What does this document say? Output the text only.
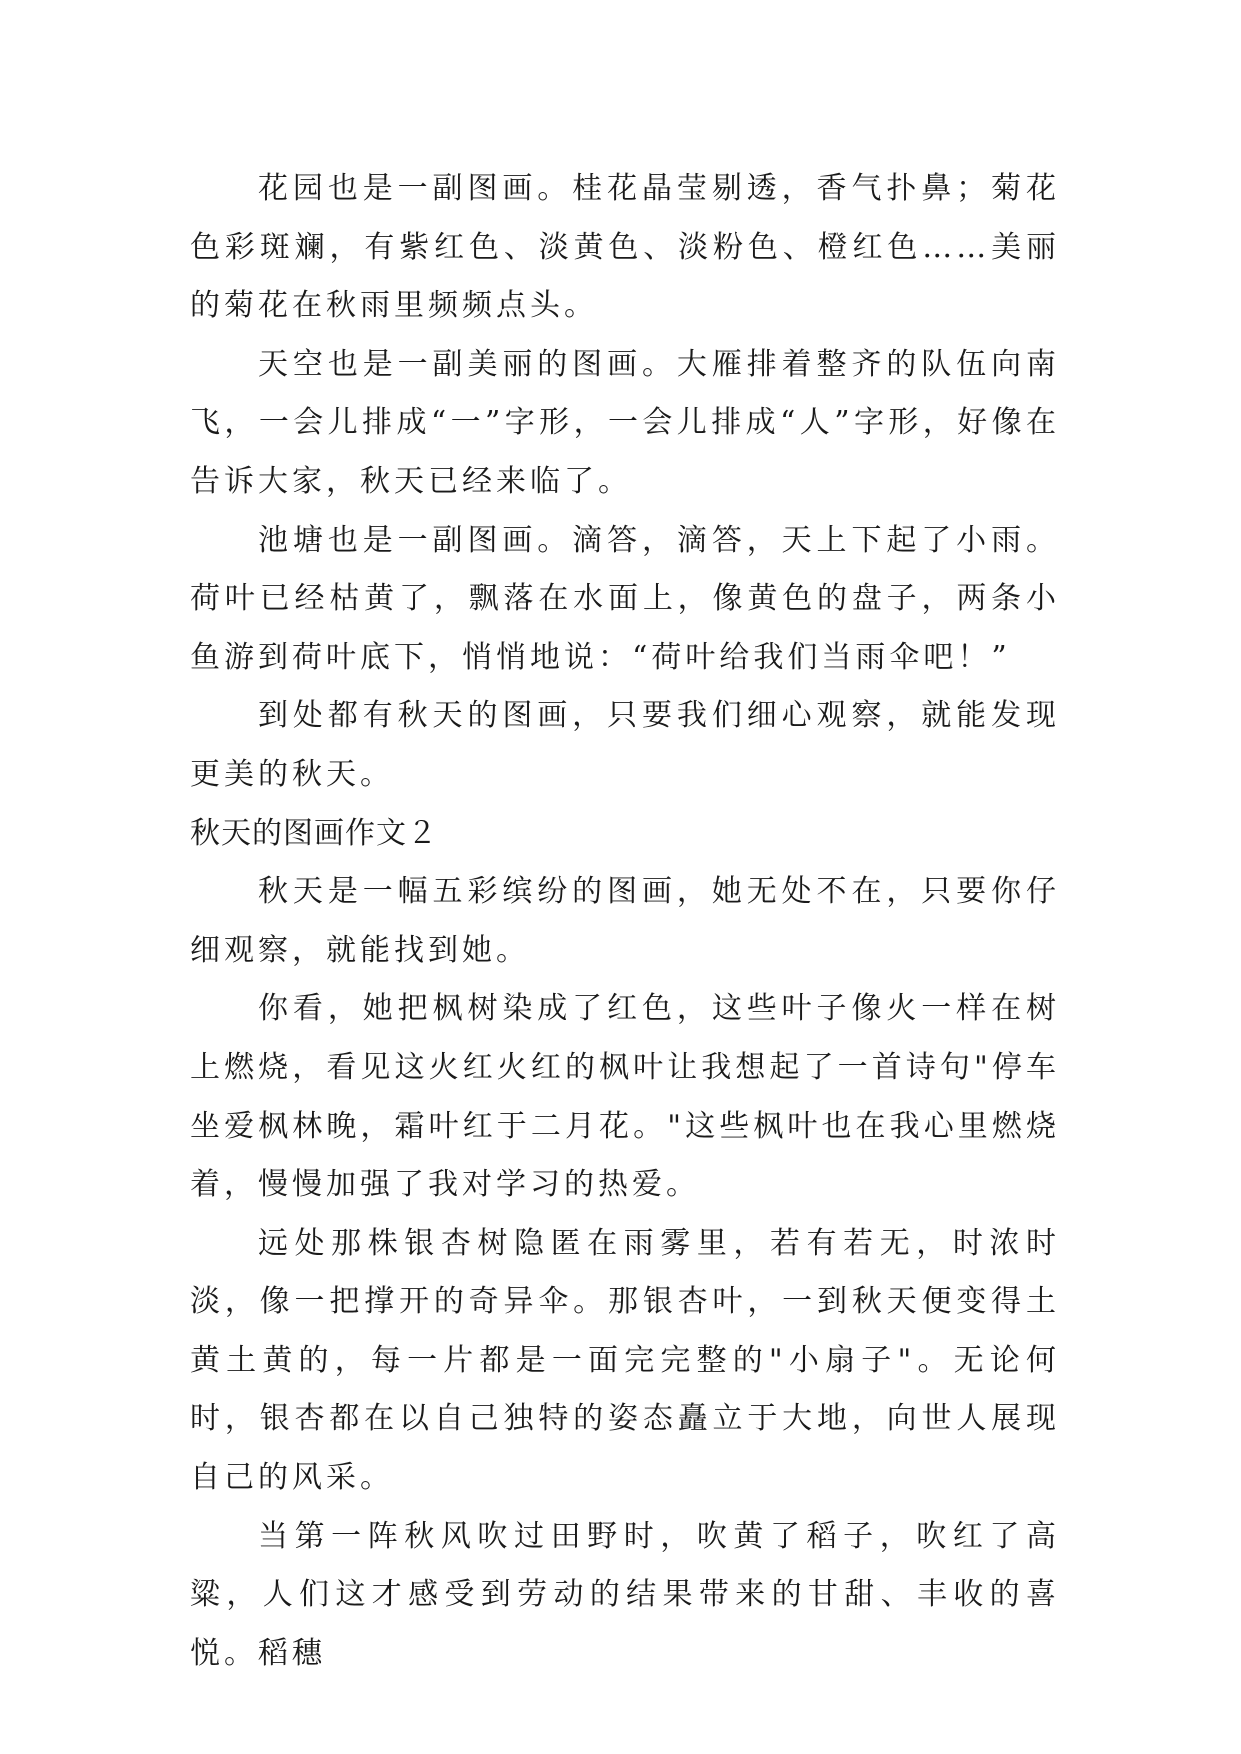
花园也是一副图画。桂花晶莹剔透，香气扑鼻；菊花色彩斑斓，有紫红色、淡黄色、淡粉色、橙红色……美丽的菊花在秋雨里频频点头。

天空也是一副美丽的图画。大雁排着整齐的队伍向南飞，一会儿排成“一”字形，一会儿排成“人”字形，好像在告诉大家，秋天已经来临了。

池塘也是一副图画。滴答，滴答，天上下起了小雨。荷叶已经枯黄了，飘落在水面上，像黄色的盘子，两条小鱼游到荷叶底下，悄悄地说：“荷叶给我们当雨伞吧！”

到处都有秋天的图画，只要我们细心观察，就能发现更美的秋天。

秋天的图画作文２

秋天是一幅五彩缤纷的图画，她无处不在，只要你仔细观察，就能找到她。

你看，她把枫树染成了红色，这些叶子像火一样在树上燃烧，看见这火红火红的枫叶让我想起了一首诗句"停车坐爱枫林晚，霜叶红于二月花。"这些枫叶也在我心里燃烧着，慢慢加强了我对学习的热爱。

远处那株银杏树隐匿在雨雾里，若有若无，时浓时淡，像一把撑开的奇异伞。那银杏叶，一到秋天便变得土黄土黄的，每一片都是一面完完整的"小扇子"。无论何时，银杏都在以自己独特的姿态矗立于大地，向世人展现自己的风采。

当第一阵秋风吹过田野时，吹黄了稻子，吹红了高粱，人们这才感受到劳动的结果带来的甘甜、丰收的喜悦。稻穗
